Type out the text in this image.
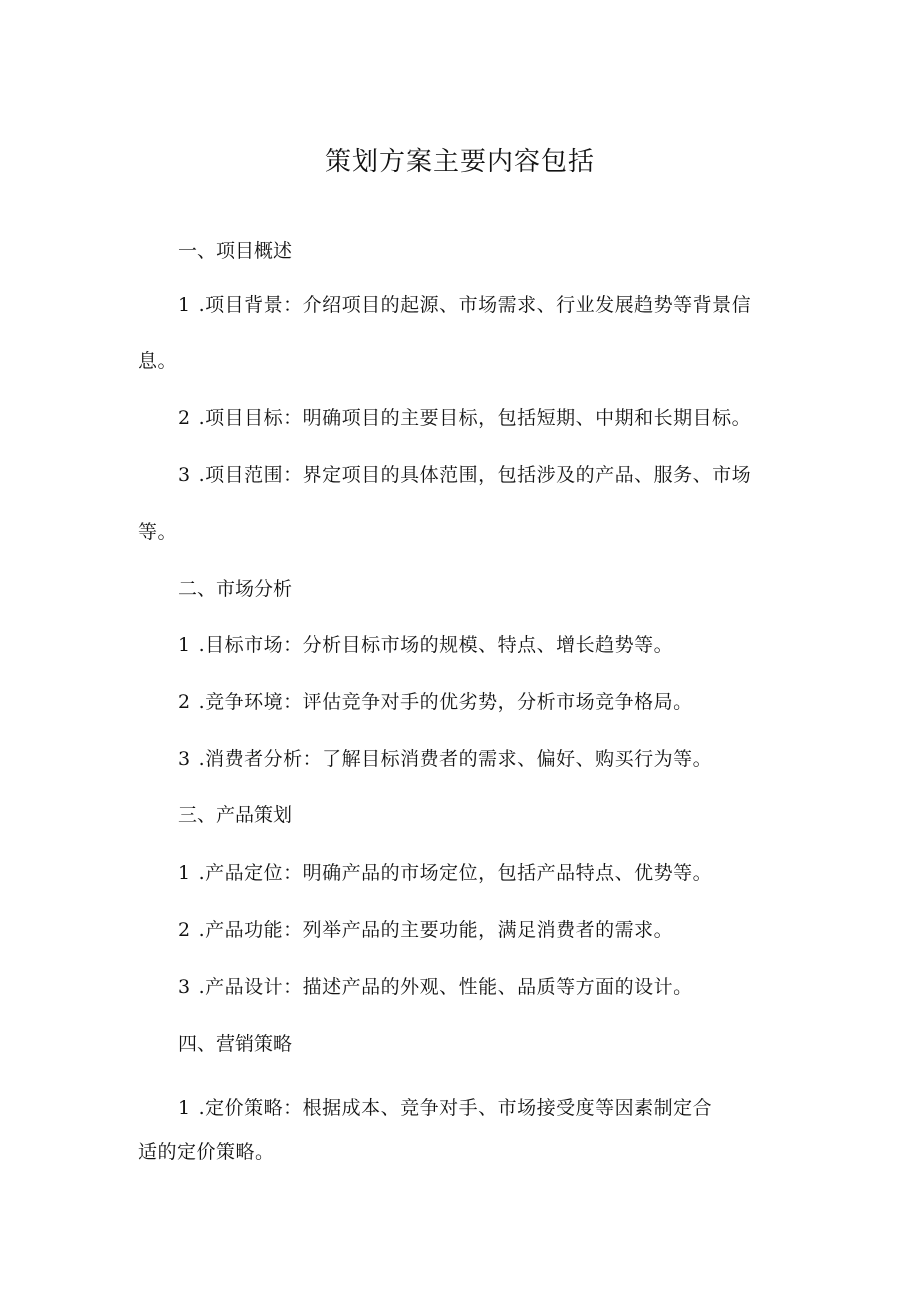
策划方案主要内容包括
一、项目概述
1 .项目背景：介绍项目的起源、市场需求、行业发展趋势等背景信
息。
2 .项目目标：明确项目的主要目标，包括短期、中期和长期目标。
3 .项目范围：界定项目的具体范围，包括涉及的产品、服务、市场
等。
二、市场分析
1 .目标市场：分析目标市场的规模、特点、增长趋势等。
2 .竞争环境：评估竞争对手的优劣势，分析市场竞争格局。
3 .消费者分析：了解目标消费者的需求、偏好、购买行为等。
三、产品策划
1 .产品定位：明确产品的市场定位，包括产品特点、优势等。
2 .产品功能：列举产品的主要功能，满足消费者的需求。
3 .产品设计：描述产品的外观、性能、品质等方面的设计。
四、营销策略
1 .定价策略：根据成本、竞争对手、市场接受度等因素制定合
适的定价策略。
